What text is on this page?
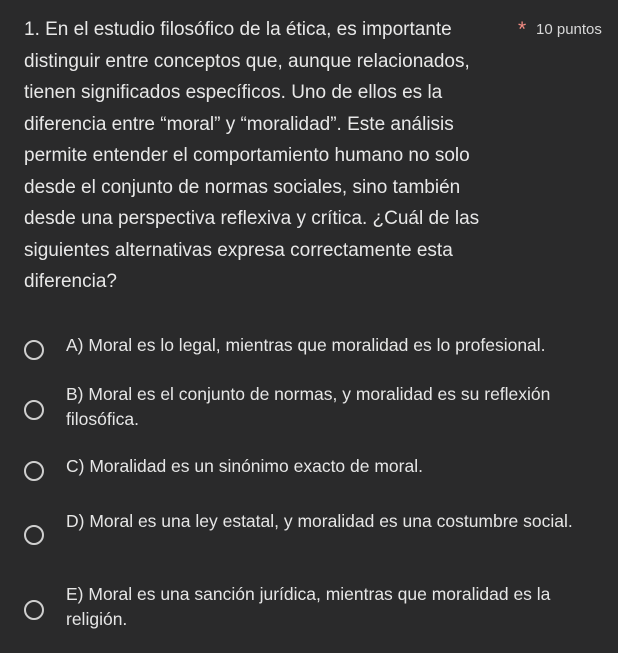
1. En el estudio filosófico de la ética, es importante distinguir entre conceptos que, aunque relacionados, tienen significados específicos. Uno de ellos es la diferencia entre “moral” y “moralidad”. Este análisis permite entender el comportamiento humano no solo desde el conjunto de normas sociales, sino también desde una perspectiva reflexiva y crítica. ¿Cuál de las siguientes alternativas expresa correctamente esta diferencia?

* 10 puntos
A) Moral es lo legal, mientras que moralidad es lo profesional.
B) Moral es el conjunto de normas, y moralidad es su reflexión filosófica.
C) Moralidad es un sinónimo exacto de moral.
D) Moral es una ley estatal, y moralidad es una costumbre social.
E) Moral es una sanción jurídica, mientras que moralidad es la religión.
